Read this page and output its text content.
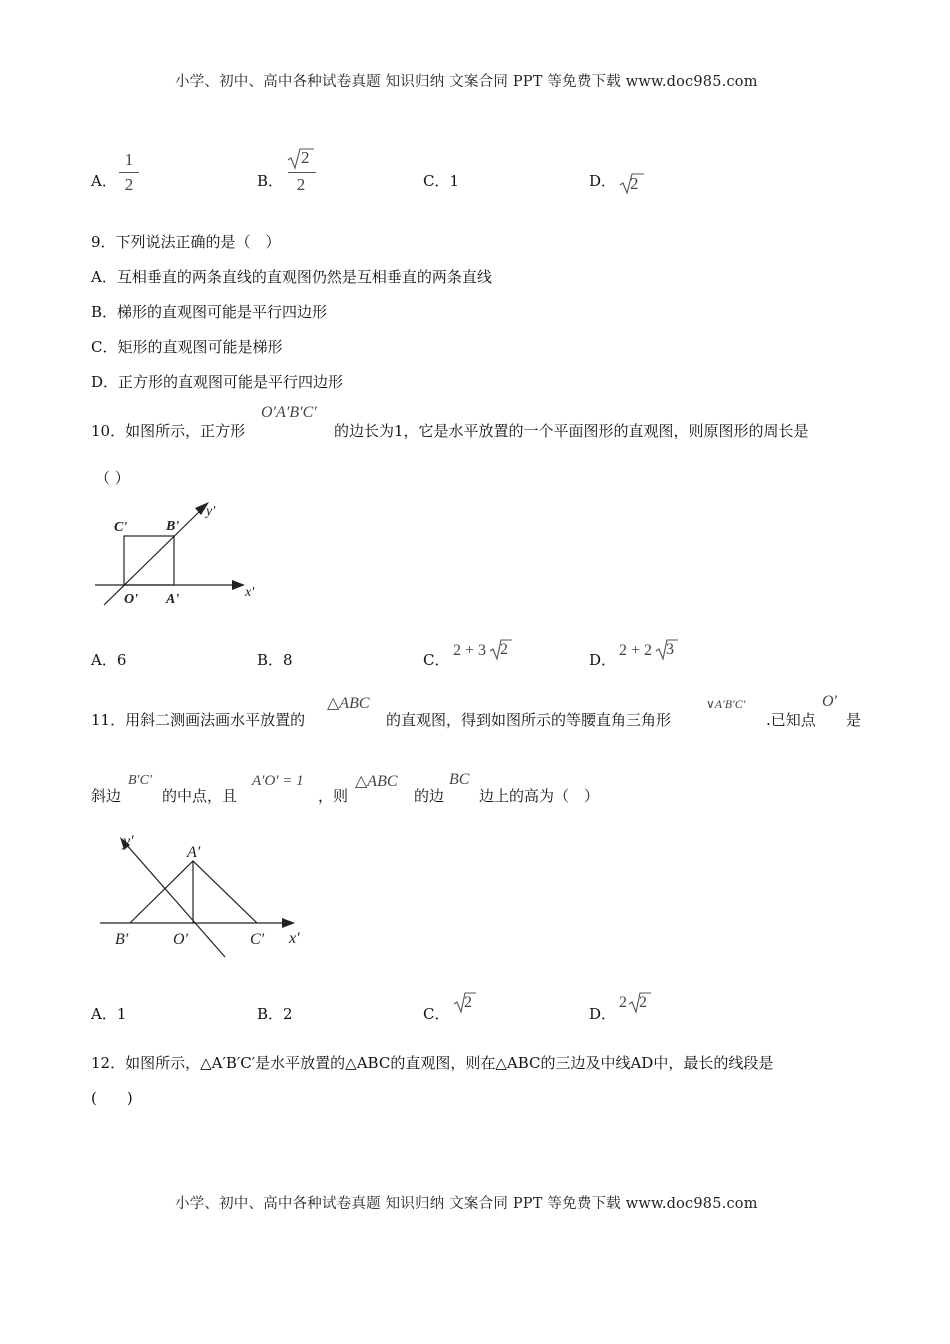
小学、初中、高中各种试卷真题 知识归纳 文案合同 PPT 等免费下载 www.doc985.com
A．
1
2	B．
2
2	C．1	D． 2
9．下列说法正确的是（　）
A．互相垂直的两条直线的直观图仍然是互相垂直的两条直线
B．梯形的直观图可能是平行四边形
C．矩形的直观图可能是梯形
D．正方形的直观图可能是平行四边形
10．如图所示，正方形
O′A′B′C′
的边长为1，它是水平放置的一个平面图形的直观图，则原图形的周长是
（ ）
C'	B'
y'
O' A'	x'
A．6	B．8	C．
2 + 3 2
D．
2 + 2 3
11．用斜二测画法画水平放置的
△ABC
的直观图，得到如图所示的等腰直角三角形
∨A′B′C′
.已知点
O′
是
斜边
B′C′
的中点，且
A′O′ = 1
，则
△ABC
的边
BC
边上的高为（　）
y′
A′
B′	O′	C′ x′
A．1	B．2	C．
2
D．
2 2
12．如图所示，△A′B′C′是水平放置的△ABC的直观图，则在△ABC的三边及中线AD中，最长的线段是
(　　)
小学、初中、高中各种试卷真题 知识归纳 文案合同 PPT 等免费下载 www.doc985.com
